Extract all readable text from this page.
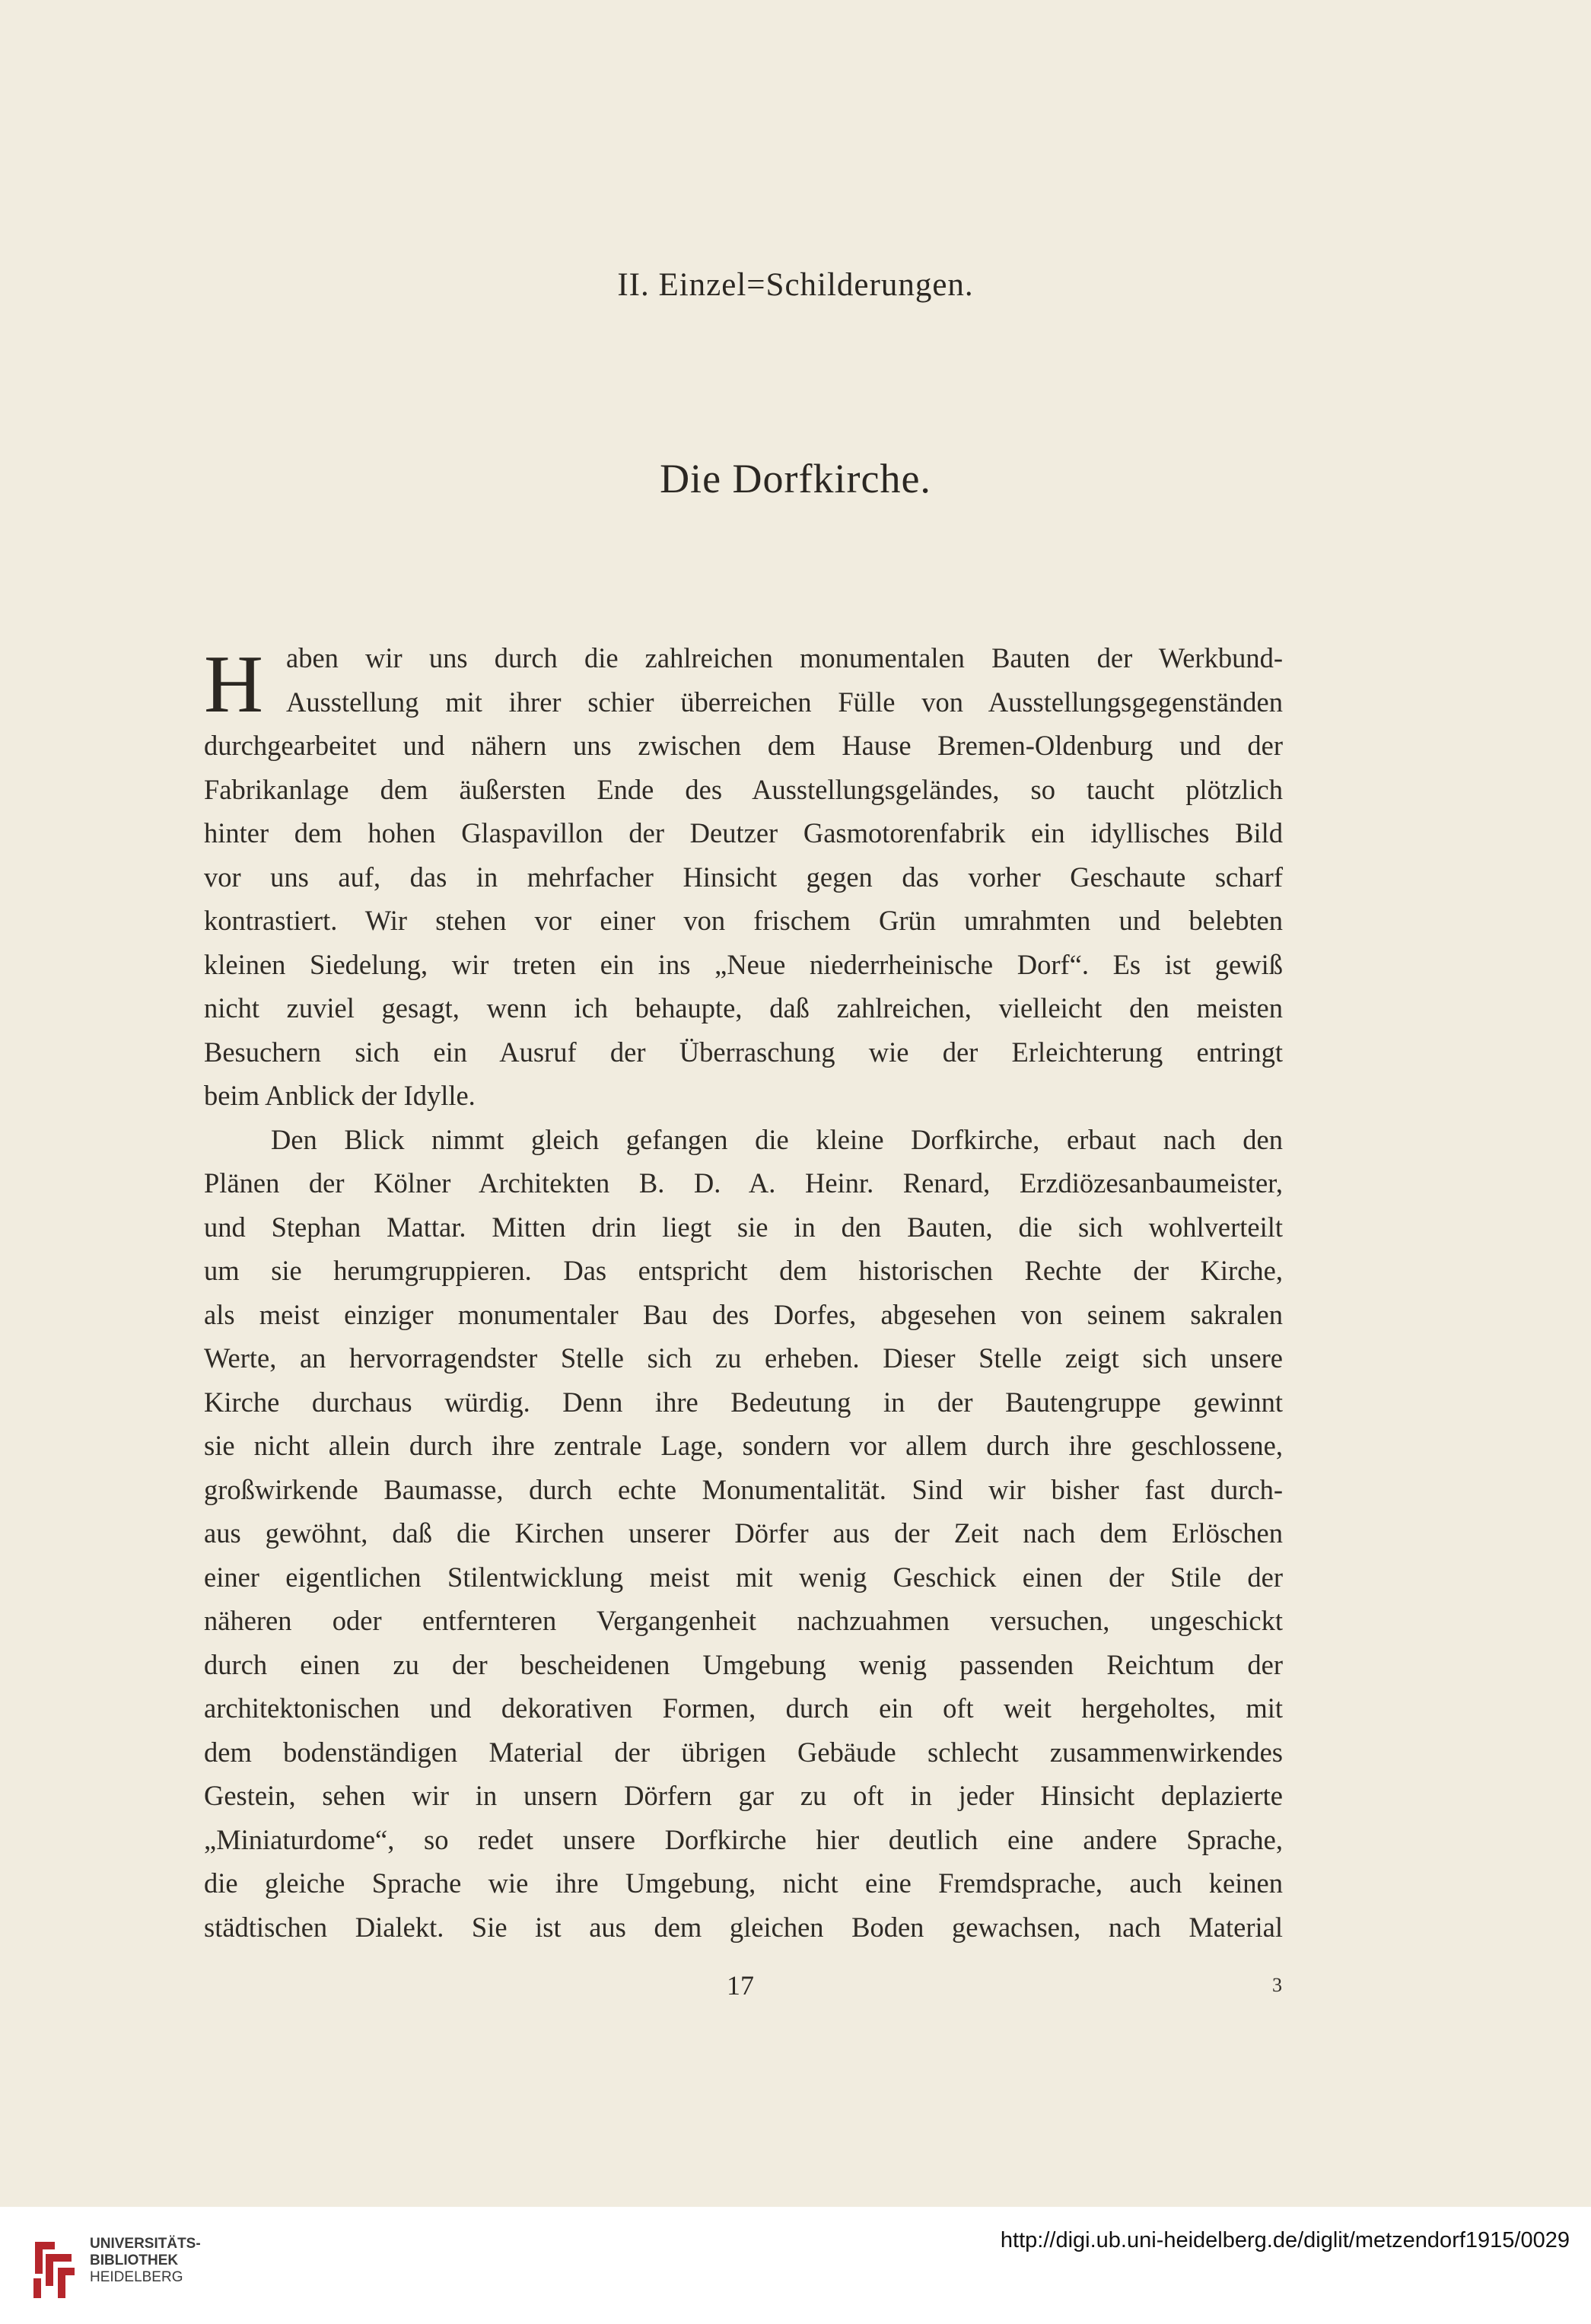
II. Einzel=Schilderungen.
Die Dorfkirche.
H aben wir uns durch die zahlreichen monumentalen Bauten der Werkbund-
Ausstellung mit ihrer schier überreichen Fülle von Ausstellungsgegenständen
durchgearbeitet und nähern uns zwischen dem Hause Bremen-Oldenburg und der
Fabrikanlage dem äußersten Ende des Ausstellungsgeländes, so taucht plötzlich
hinter dem hohen Glaspavillon der Deutzer Gasmotorenfabrik ein idyllisches Bild
vor uns auf, das in mehrfacher Hinsicht gegen das vorher Geschaute scharf
kontrastiert. Wir stehen vor einer von frischem Grün umrahmten und belebten
kleinen Siedelung, wir treten ein ins „Neue niederrheinische Dorf“. Es ist gewiß
nicht zuviel gesagt, wenn ich behaupte, daß zahlreichen, vielleicht den meisten
Besuchern sich ein Ausruf der Überraschung wie der Erleichterung entringt
beim Anblick der Idylle.
Den Blick nimmt gleich gefangen die kleine Dorfkirche, erbaut nach den
Plänen der Kölner Architekten B. D. A. Heinr. Renard, Erzdiözesanbaumeister,
und Stephan Mattar. Mitten drin liegt sie in den Bauten, die sich wohlverteilt
um sie herumgruppieren. Das entspricht dem historischen Rechte der Kirche,
als meist einziger monumentaler Bau des Dorfes, abgesehen von seinem sakralen
Werte, an hervorragendster Stelle sich zu erheben. Dieser Stelle zeigt sich unsere
Kirche durchaus würdig. Denn ihre Bedeutung in der Bautengruppe gewinnt
sie nicht allein durch ihre zentrale Lage, sondern vor allem durch ihre geschlossene,
großwirkende Baumasse, durch echte Monumentalität. Sind wir bisher fast durch-
aus gewöhnt, daß die Kirchen unserer Dörfer aus der Zeit nach dem Erlöschen
einer eigentlichen Stilentwicklung meist mit wenig Geschick einen der Stile der
näheren oder entfernteren Vergangenheit nachzuahmen versuchen, ungeschickt
durch einen zu der bescheidenen Umgebung wenig passenden Reichtum der
architektonischen und dekorativen Formen, durch ein oft weit hergeholtes, mit
dem bodenständigen Material der übrigen Gebäude schlecht zusammenwirkendes
Gestein, sehen wir in unsern Dörfern gar zu oft in jeder Hinsicht deplazierte
„Miniaturdome“, so redet unsere Dorfkirche hier deutlich eine andere Sprache,
die gleiche Sprache wie ihre Umgebung, nicht eine Fremdsprache, auch keinen
städtischen Dialekt. Sie ist aus dem gleichen Boden gewachsen, nach Material
17	3
UNIVERSITÄTS-
BIBLIOTHEK
HEIDELBERG
http://digi.ub.uni-heidelberg.de/diglit/metzendorf1915/0029
